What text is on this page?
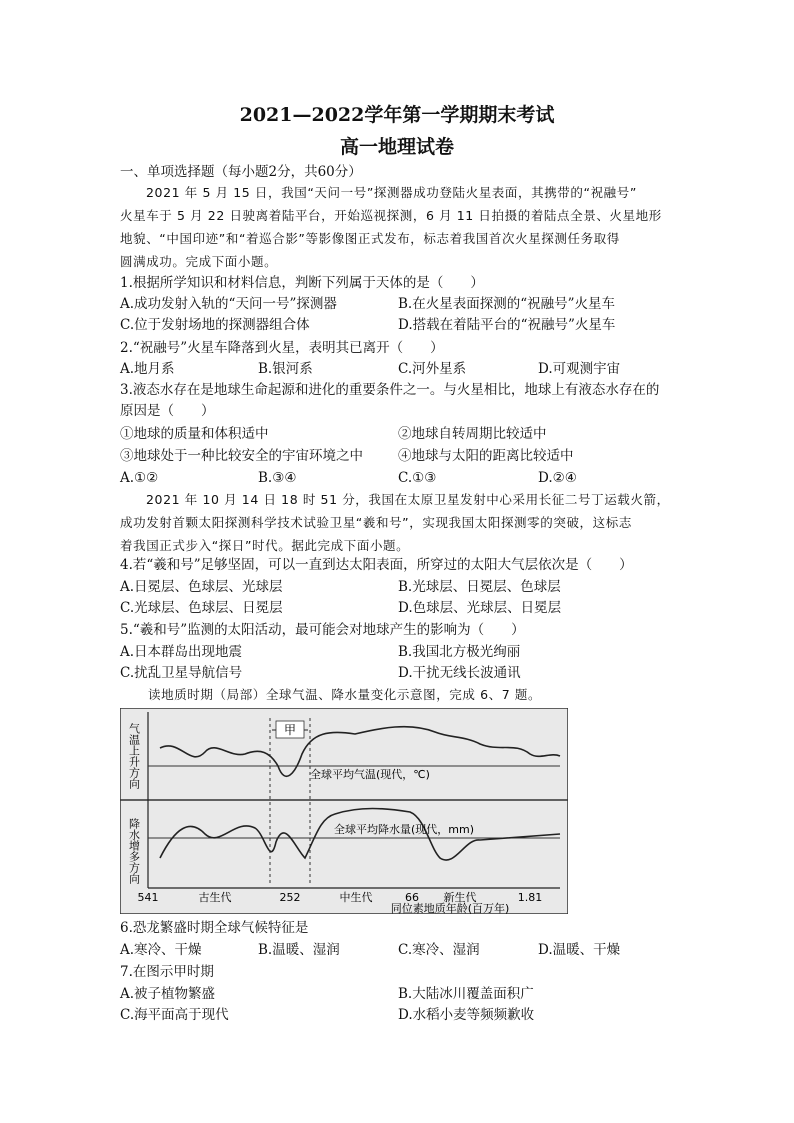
2021—2022学年第一学期期末考试
高一地理试卷
一、单项选择题（每小题2分，共60分）
2021 年 5 月 15 日，我国“天问一号”探测器成功登陆火星表面，其携带的“祝融号”
火星车于 5 月 22 日驶离着陆平台，开始巡视探测，6 月 11 日拍摄的着陆点全景、火星地形
地貌、“中国印迹”和“着巡合影”等影像图正式发布，标志着我国首次火星探测任务取得
圆满成功。完成下面小题。
1.根据所学知识和材料信息，判断下列属于天体的是（　　）
A.成功发射入轨的“天问一号”探测器	B.在火星表面探测的“祝融号”火星车
C.位于发射场地的探测器组合体	D.搭载在着陆平台的“祝融号”火星车
2.“祝融号”火星车降落到火星，表明其已离开（　　）
A.地月系	B.银河系	C.河外星系	D.可观测宇宙
3.液态水存在是地球生命起源和进化的重要条件之一。与火星相比，地球上有液态水存在的
原因是（　　）
①地球的质量和体积适中	②地球自转周期比较适中
③地球处于一种比较安全的宇宙环境之中	④地球与太阳的距离比较适中
A.①②	B.③④	C.①③	D.②④
2021 年 10 月 14 日 18 时 51 分，我国在太原卫星发射中心采用长征二号丁运载火箭，
成功发射首颗太阳探测科学技术试验卫星“羲和号”，实现我国太阳探测零的突破，这标志
着我国正式步入“探日”时代。据此完成下面小题。
4.若“羲和号”足够坚固，可以一直到达太阳表面，所穿过的太阳大气层依次是（　　）
A.日冕层、色球层、光球层	B.光球层、日冕层、色球层
C.光球层、色球层、日冕层	D.色球层、光球层、日冕层
5.“羲和号”监测的太阳活动，最可能会对地球产生的影响为（　　）
A.日本群岛出现地震	B.我国北方极光绚丽
C.扰乱卫星导航信号	D.干扰无线长波通讯
读地质时期（局部）全球气温、降水量变化示意图，完成 6、7 题。
甲
全球平均气温(现代，℃)
全球平均降水量(现代，mm)
气温上升方向
降水增多方向
541	古生代	252	中生代	66 新生代	1.81
同位素地质年龄(百万年)
6.恐龙繁盛时期全球气候特征是
A.寒冷、干燥	B.温暖、湿润	C.寒冷、湿润	D.温暖、干燥
7.在图示甲时期
A.被子植物繁盛	B.大陆冰川覆盖面积广
C.海平面高于现代	D.水稻小麦等频频歉收
